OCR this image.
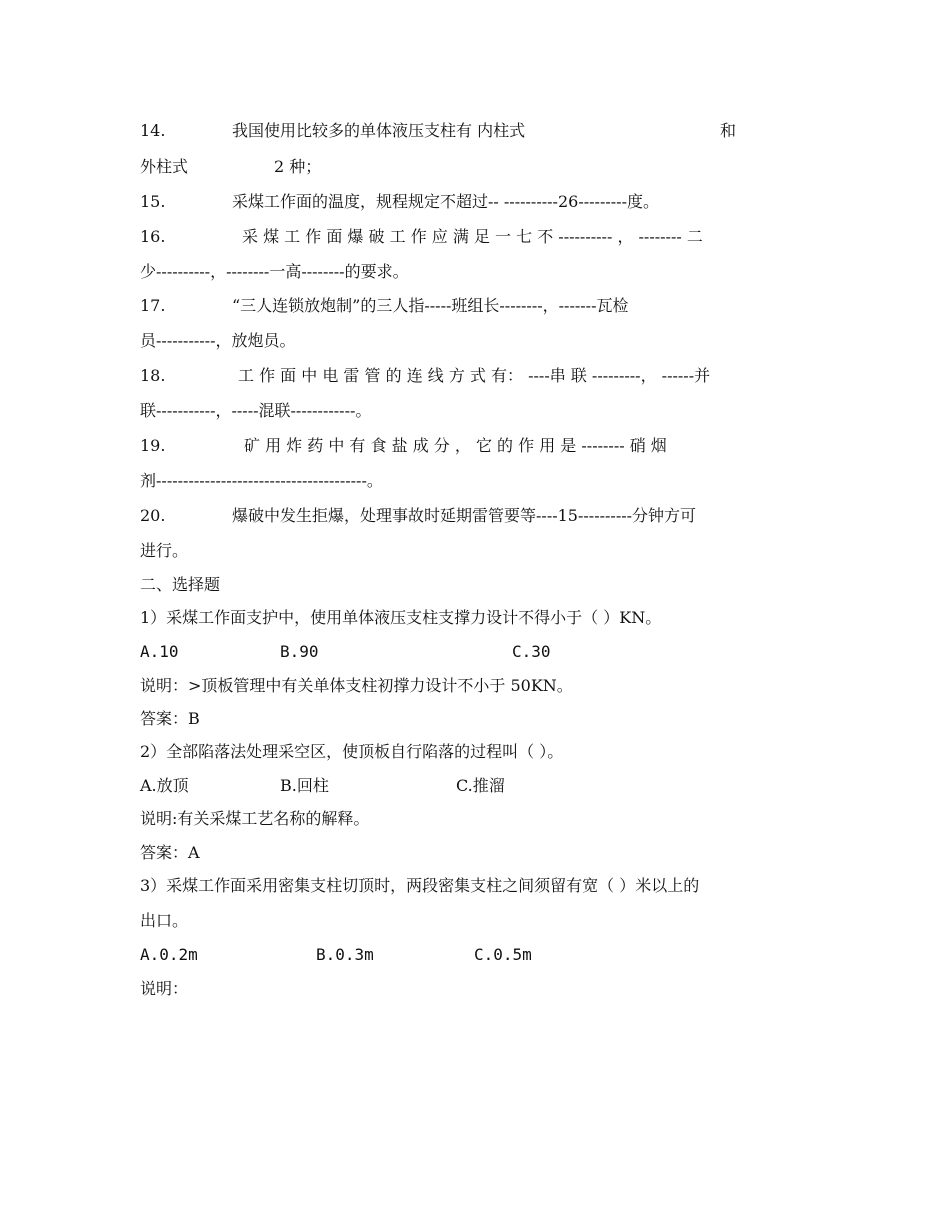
14.	我国使用比较多的单体液压支柱有 内柱式	和
外柱式	2 种；
15.	采煤工作面的温度，规程规定不超过-- ----------26---------度。
16.	采 煤 工 作 面 爆 破 工 作 应 满 足 一 七 不 ---------- ， -------- 二
少----------，--------一高--------的要求。
17.	“三人连锁放炮制”的三人指-----班组长--------，-------瓦检
员-----------，放炮员。
18.	工 作 面 中 电 雷 管 的 连 线 方 式 有： ----串 联 ---------， ------并
联-----------，-----混联------------。
19.	矿 用 炸 药 中 有 食 盐 成 分 ， 它 的 作 用 是 -------- 硝 烟
剂---------------------------------------。
20.	爆破中发生拒爆，处理事故时延期雷管要等----15----------分钟方可
进行。
二、选择题
1）采煤工作面支护中，使用单体液压支柱支撑力设计不得小于（ ）KN。
A.10	B.90	C.30
说明：>顶板管理中有关单体支柱初撑力设计不小于 50KN。
答案：B
2）全部陷落法处理采空区，使顶板自行陷落的过程叫（ ）。
A.放顶	B.回柱	C.推溜
说明:有关采煤工艺名称的解释。
答案：A
3）采煤工作面采用密集支柱切顶时，两段密集支柱之间须留有宽（ ）米以上的
出口。
A.0.2m	B.0.3m	C.0.5m
说明：
